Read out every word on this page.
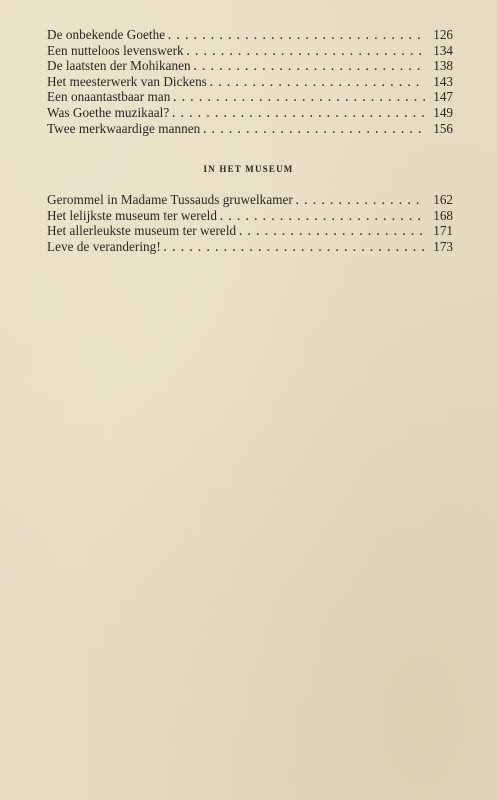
De onbekende Goethe . . .	126
Een nutteloos levenswerk . . .	134
De laatsten der Mohikanen . . .	138
Het meesterwerk van Dickens . . .	143
Een onaantastbaar man . . .	147
Was Goethe muzikaal? . . .	149
Twee merkwaardige mannen . . .	156
IN HET MUSEUM
Gerommel in Madame Tussauds gruwelkamer . . .	162
Het lelijkste museum ter wereld . . .	168
Het allerleukste museum ter wereld . . .	171
Leve de verandering! . . .	173
